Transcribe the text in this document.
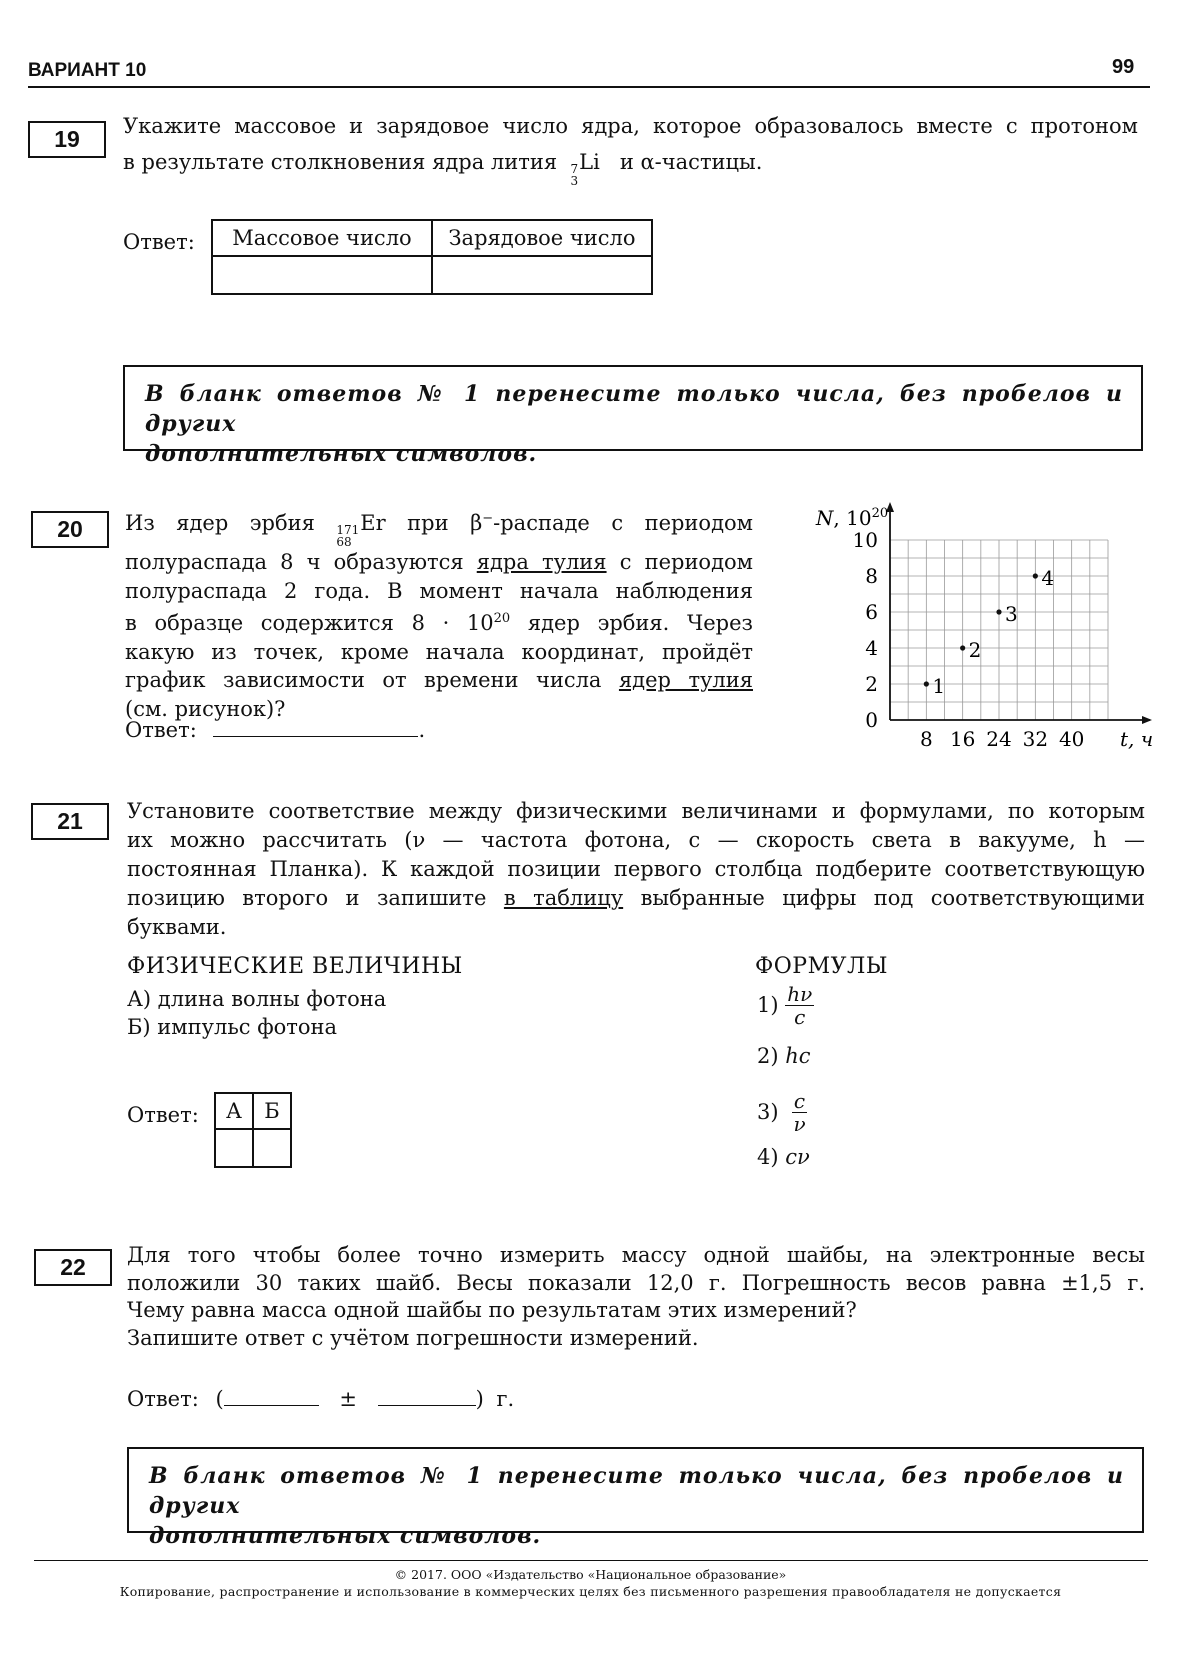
ВАРИАНТ 10	99
19	Укажите массовое и зарядовое число ядра, которое образовалось вместе с протоном
в результате столкновения ядра лития 7
3
Li и α-частицы.
Ответ: Массовое число	Зарядовое число

В бланк ответов № 1 перенесите только числа, без пробелов и других
дополнительных символов.
20	Из ядер эрбия 171
68
Er при β−-распаде с периодом
полураспада 8 ч образуются ядра тулия с периодом
полураспада 2 года. В момент начала наблюдения
в образце содержится $8 \cdot 10^{20}$ ядер эрбия. Через
какую из точек, кроме начала координат, пройдёт
график зависимости от времени числа ядер тулия
(см. рисунок)?
Ответ:	.	0
2
4
6
8
10
8 16 24 32 40
N, $10^{20}$
t, ч
1
2
3
4
21	Установите соответствие между физическими величинами и формулами, по которым
их можно рассчитать (ν — частота фотона, c — скорость света в вакууме, h —
постоянная Планка). К каждой позиции первого столбца подберите соответствующую
позицию второго и запишите в таблицу выбранные цифры под соответствующими
буквами.
ФИЗИЧЕСКИЕ ВЕЛИЧИНЫ
А) длина волны фотона
Б) импульс фотона
ФОРМУЛЫ
1)
$\frac{h\nu}{c}$
2) hc
3)
$\frac{c}{\nu}$
4) cν
Ответ: А	Б

22	Для того чтобы более точно измерить массу одной шайбы, на электронные весы
положили 30 таких шайб. Весы показали 12,0 г. Погрешность весов равна ±1,5 г.
Чему равна масса одной шайбы по результатам этих измерений?
Запишите ответ с учётом погрешности измерений.
Ответ: (	±	) г.
В бланк ответов № 1 перенесите только числа, без пробелов и других
дополнительных символов.
© 2017. ООО «Издательство «Национальное образование»
Копирование, распространение и использование в коммерческих целях без письменного разрешения правообладателя не допускается
